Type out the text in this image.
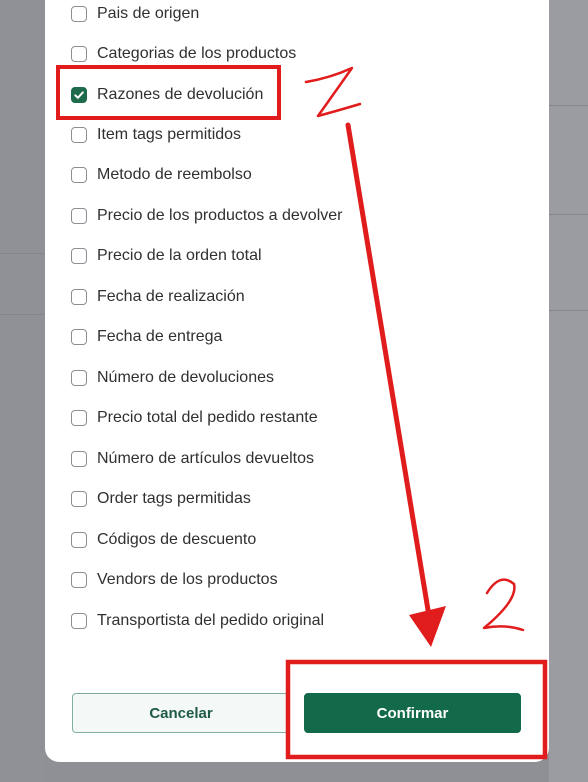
Pais de origen
Categorias de los productos
Razones de devolución
Item tags permitidos
Metodo de reembolso
Precio de los productos a devolver
Precio de la orden total
Fecha de realización
Fecha de entrega
Número de devoluciones
Precio total del pedido restante
Número de artículos devueltos
Order tags permitidas
Códigos de descuento
Vendors de los productos
Transportista del pedido original
Cancelar	Confirmar
